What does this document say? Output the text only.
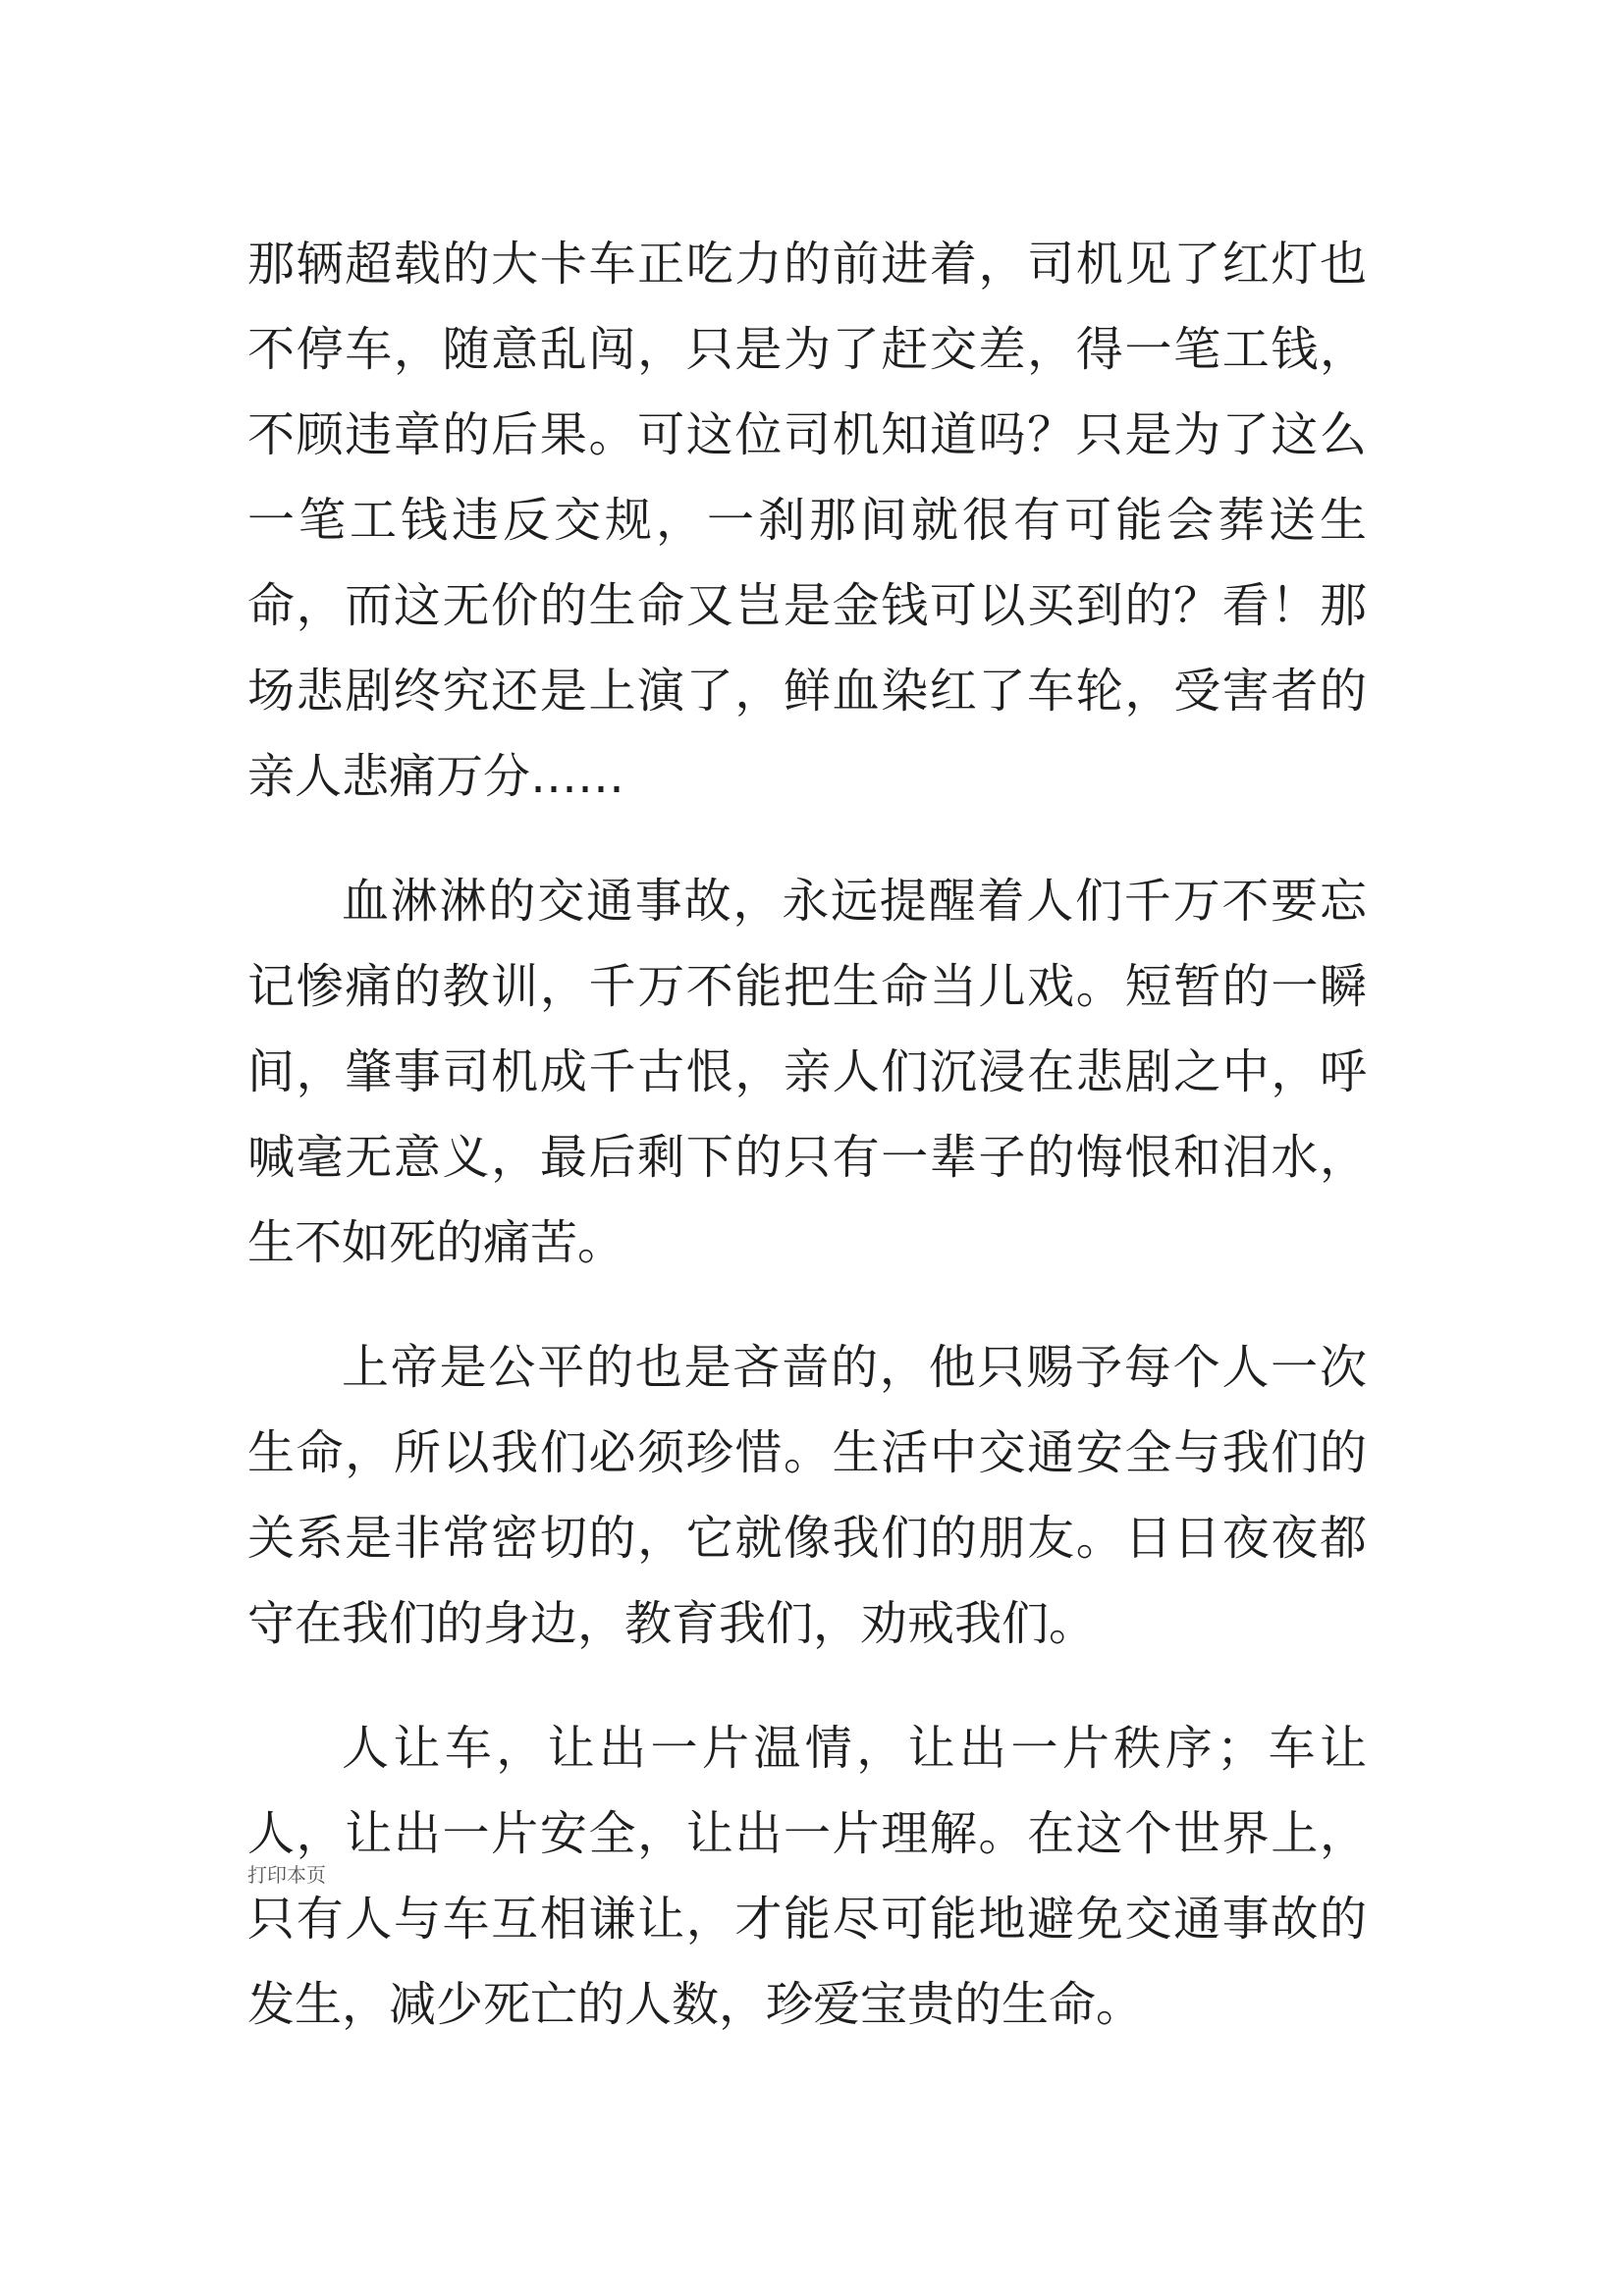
那辆超载的大卡车正吃力的前进着，司机见了红灯也不停车，随意乱闯，只是为了赶交差，得一笔工钱，不顾违章的后果。可这位司机知道吗？只是为了这么一笔工钱违反交规，一刹那间就很有可能会葬送生命，而这无价的生命又岂是金钱可以买到的？看！那场悲剧终究还是上演了，鲜血染红了车轮，受害者的亲人悲痛万分……

血淋淋的交通事故，永远提醒着人们千万不要忘记惨痛的教训，千万不能把生命当儿戏。短暂的一瞬间，肇事司机成千古恨，亲人们沉浸在悲剧之中，呼喊毫无意义，最后剩下的只有一辈子的悔恨和泪水，生不如死的痛苦。

上帝是公平的也是吝啬的，他只赐予每个人一次生命，所以我们必须珍惜。生活中交通安全与我们的关系是非常密切的，它就像我们的朋友。日日夜夜都守在我们的身边，教育我们，劝戒我们。

人让车，让出一片温情，让出一片秩序；车让人，让出一片安全，让出一片理解。在这个世界上，只有人与车互相谦让，才能尽可能地避免交通事故的发生，减少死亡的人数，珍爱宝贵的生命。

打印本页
